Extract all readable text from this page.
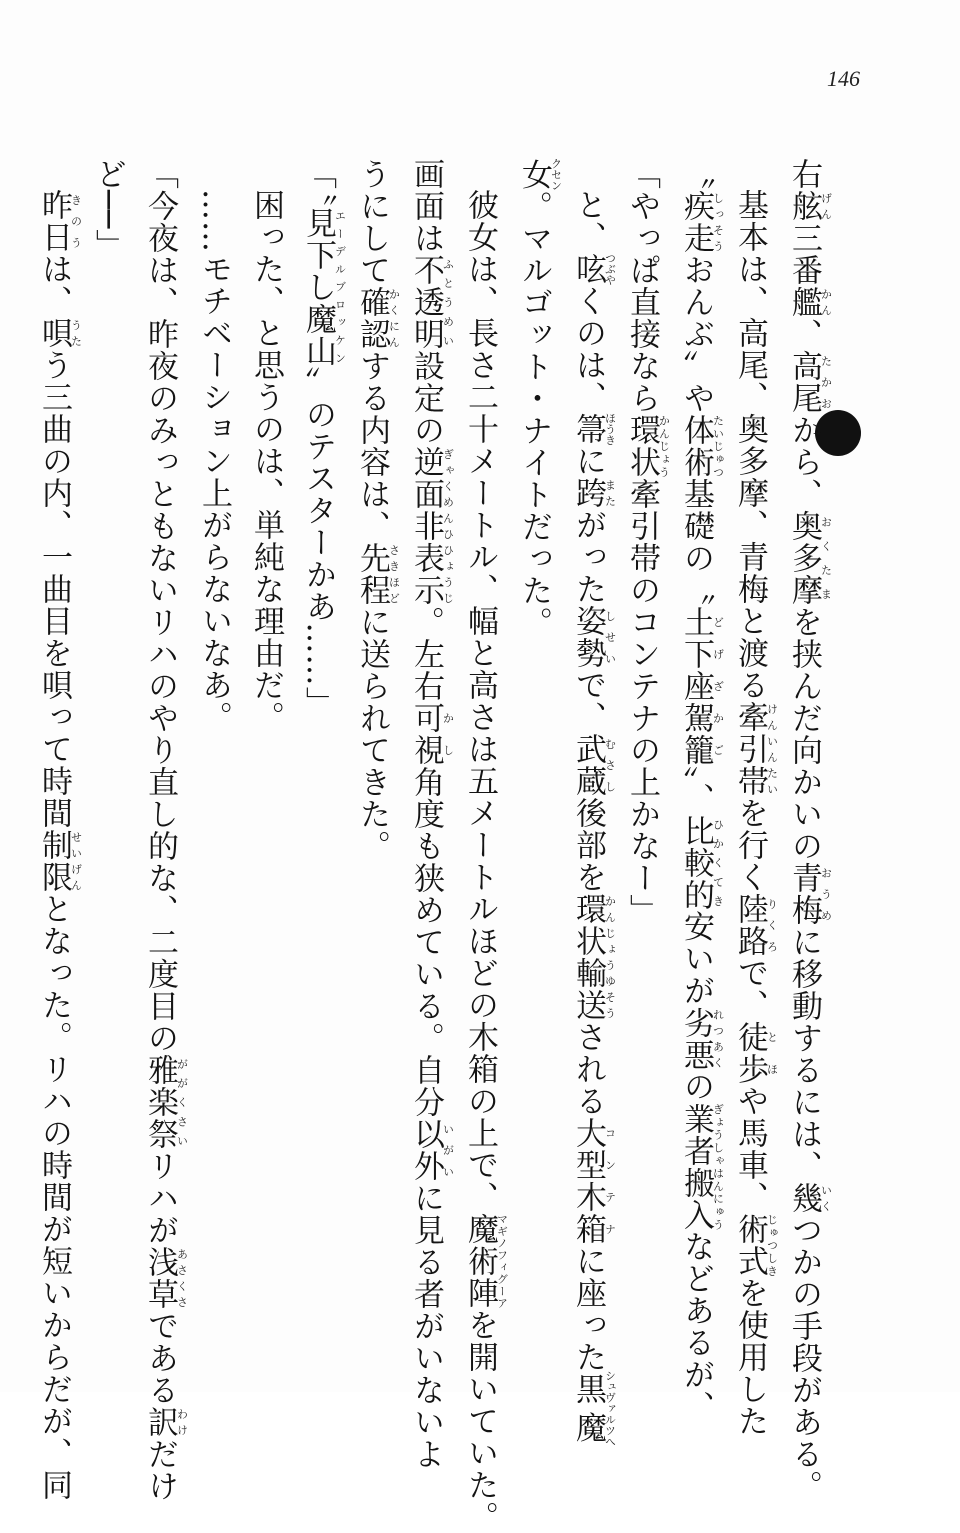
146
右舷げん三番艦かん、高尾たかおから、奥多摩おくたまを挟んだ向かいの青梅おうめに移動するには、幾いくつかの手段がある。
基本は、高尾、奥多摩、青梅と渡る牽引帯けんいんたいを行く陸路りくろで、徒歩とほや馬車、術式じゅつしきを使用した
〝疾走しっそうおんぶ〟や体術たいじゅつ基礎の〝土下座駕籠どげざかご〟、比較的ひかくてき安いが劣悪れつあくの業者搬入ぎょうしゃはんにゅうなどあるが、
「やっぱ直接なら環状かんじょう牽引帯のコンテナの上かなー」
と、呟つぶやくのは、箒ほうきに跨またがった姿勢しせいで、武蔵むさし後部を環状輸送かんじょうゆそうされる大型木箱コンテナに座った黒魔シュヴァルツへ
女クセン。マルゴット・ナイトだった。
彼女は、長さ二十メートル、幅と高さは五メートルほどの木箱の上で、魔術陣マギノフィグーアを開いていた。
画面は不透明ふとうめい設定の逆面非表示ぎゃくめんひひょうじ。左右可視かし角度も狭めている。自分以外いがいに見る者がいないよ
うにして確認かくにんする内容は、先程さきほどに送られてきた。
「〝見下し魔山エーデルブロッケン〟のテスターかあ……」
困った、と思うのは、単純な理由だ。
……モチベーション上がらないなあ。
「今夜は、昨夜のみっともないリハのやり直し的な、二度目の雅楽祭ががくさいリハが浅草あさくさである訳わけだけ
ど──」
昨日きのうは、唄うたう三曲の内、一曲目を唄って時間制限せいげんとなった。リハの時間が短いからだが、同
